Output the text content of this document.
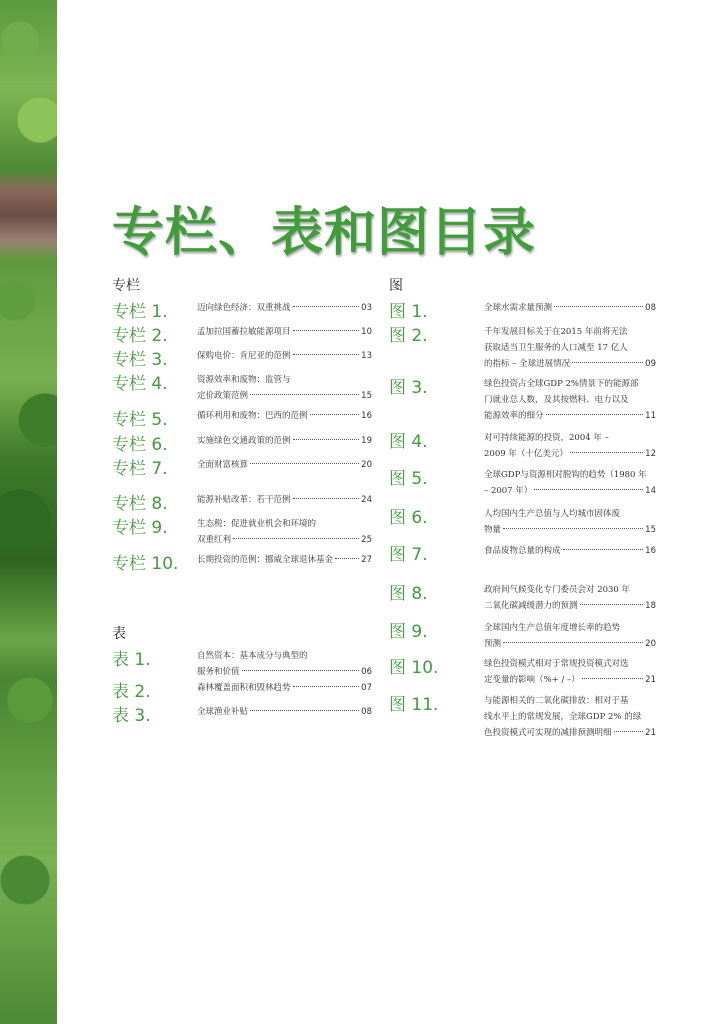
专栏、表和图目录

专栏

专栏 1.	迈向绿色经济：双重挑战	03
专栏 2.	孟加拉国蓄拉敏能源项目	10
专栏 3.	保购电价：肯尼亚的范例	13
专栏 4.	资源效率和废物：监管与
定价政策范例	15
专栏 5.	循环利用和废物：巴西的范例	16
专栏 6.	实施绿色交通政策的范例	19
专栏 7.	全面财富核算	20
专栏 8.	能源补贴改革：若干范例	24
专栏 9.	生态税：促进就业机会和环境的
双重红利	25
专栏 10. 长期投资的范例：挪威全球退休基金	27

表

表 1.	自然资本：基本成分与典型的
服务和价值	06
表 2.	森林覆盖面积和毁林趋势	07
表 3.	全球渔业补贴	08

图

图 1.	全球水需求量预测	08
图 2.	千年发展目标关于在2015 年前将无法
获取适当卫生服务的人口减至 17 亿人
的指标 – 全球进展情况	09
图 3.	绿色投资占全球GDP 2%情景下的能源部
门就业总人数，及其按燃料、电力以及
能源效率的细分	11
图 4.	对可持续能源的投资，2004 年 –
2009 年（十亿美元）	12
图 5.	全球GDP与资源相对脱钩的趋势（1980 年
– 2007 年）	14
图 6.	人均国内生产总值与人均城市固体废
物量	15
图 7.	食品废物总量的构成	16
图 8.	政府间气候变化专门委员会对 2030 年
二氧化碳减缓潜力的预测	18
图 9.	全球国内生产总值年度增长率的趋势
预测	20
图 10.	绿色投资模式相对于常规投资模式对选
定变量的影响（%+ / –）	21
图 11.	与能源相关的二氧化碳排放：相对于基
线水平上的常规发展，全球GDP 2% 的绿
色投资模式可实现的减排预测明细	21
